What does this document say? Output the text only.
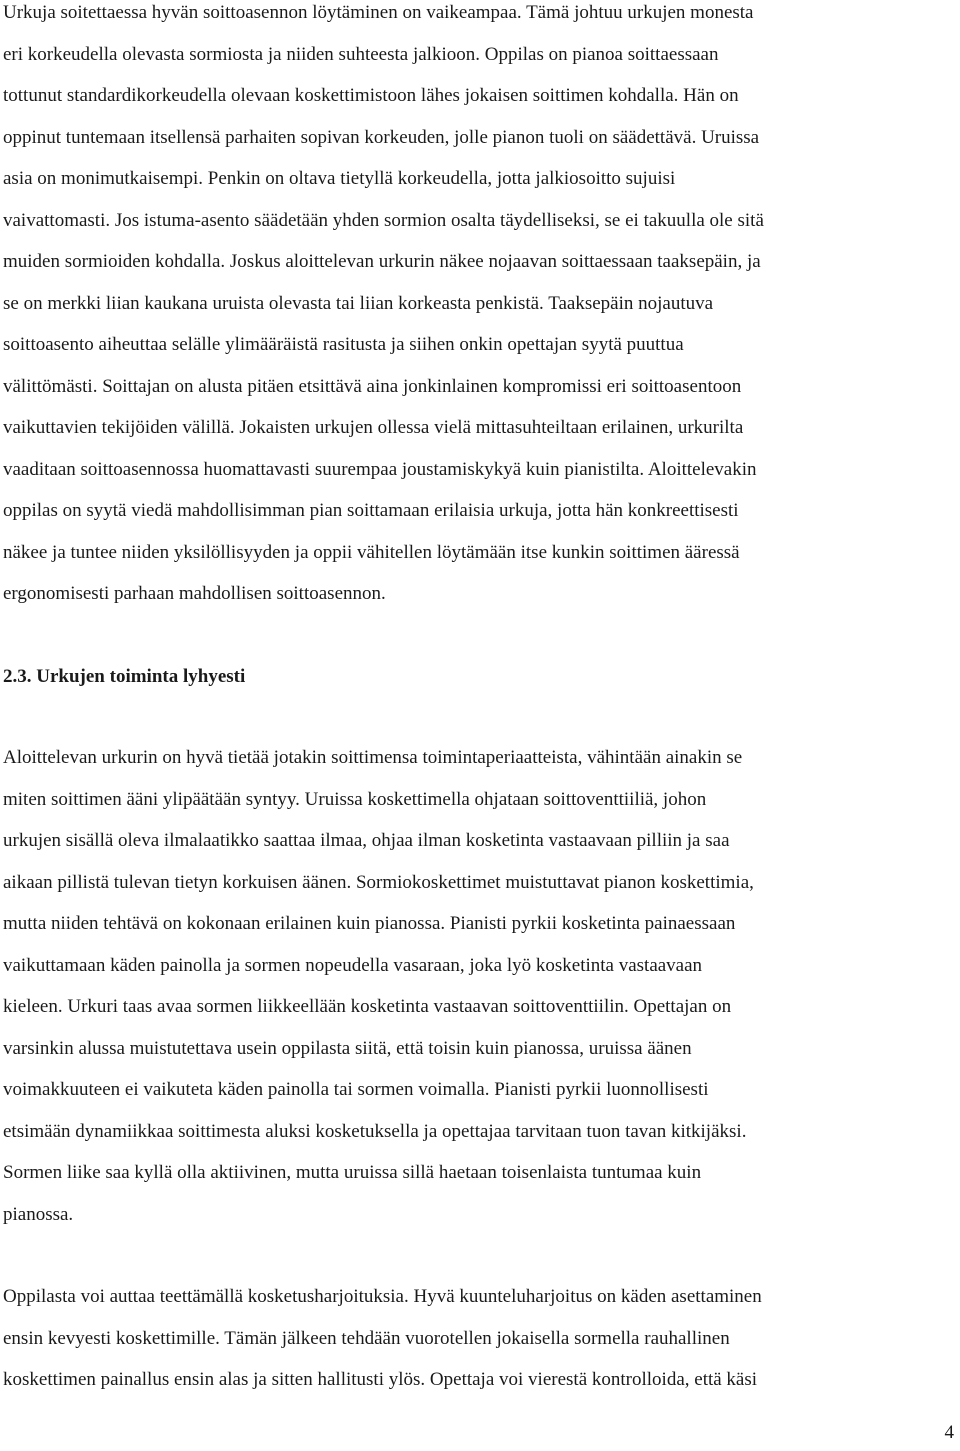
Urkuja soitettaessa hyvän soittoasennon löytäminen on vaikeampaa. Tämä johtuu urkujen monesta
eri korkeudella olevasta sormiosta ja niiden suhteesta jalkioon. Oppilas on pianoa soittaessaan
tottunut standardikorkeudella olevaan koskettimistoon lähes jokaisen soittimen kohdalla. Hän on
oppinut tuntemaan itsellensä parhaiten sopivan korkeuden, jolle pianon tuoli on säädettävä. Uruissa
asia on monimutkaisempi. Penkin on oltava tietyllä korkeudella, jotta jalkiosoitto sujuisi
vaivattomasti. Jos istuma-asento säädetään yhden sormion osalta täydelliseksi, se ei takuulla ole sitä
muiden sormioiden kohdalla. Joskus aloittelevan urkurin näkee nojaavan soittaessaan taaksepäin, ja
se on merkki liian kaukana uruista olevasta tai liian korkeasta penkistä. Taaksepäin nojautuva
soittoasento aiheuttaa selälle ylimääräistä rasitusta ja siihen onkin opettajan syytä puuttua
välittömästi. Soittajan on alusta pitäen etsittävä aina jonkinlainen kompromissi eri soittoasentoon
vaikuttavien tekijöiden välillä. Jokaisten urkujen ollessa vielä mittasuhteiltaan erilainen, urkurilta
vaaditaan soittoasennossa huomattavasti suurempaa joustamiskykyä kuin pianistilta. Aloittelevakin
oppilas on syytä viedä mahdollisimman pian soittamaan erilaisia urkuja, jotta hän konkreettisesti
näkee ja tuntee niiden yksilöllisyyden ja oppii vähitellen löytämään itse kunkin soittimen ääressä
ergonomisesti parhaan mahdollisen soittoasennon.

2.3. Urkujen toiminta lyhyesti

Aloittelevan urkurin on hyvä tietää jotakin soittimensa toimintaperiaatteista, vähintään ainakin se
miten soittimen ääni ylipäätään syntyy. Uruissa koskettimella ohjataan soittoventtiiliä, johon
urkujen sisällä oleva ilmalaatikko saattaa ilmaa, ohjaa ilman kosketinta vastaavaan pilliin ja saa
aikaan pillistä tulevan tietyn korkuisen äänen. Sormiokoskettimet muistuttavat pianon koskettimia,
mutta niiden tehtävä on kokonaan erilainen kuin pianossa. Pianisti pyrkii kosketinta painaessaan
vaikuttamaan käden painolla ja sormen nopeudella vasaraan, joka lyö kosketinta vastaavaan
kieleen. Urkuri taas avaa sormen liikkeellään kosketinta vastaavan soittoventtiilin. Opettajan on
varsinkin alussa muistutettava usein oppilasta siitä, että toisin kuin pianossa, uruissa äänen
voimakkuuteen ei vaikuteta käden painolla tai sormen voimalla. Pianisti pyrkii luonnollisesti
etsimään dynamiikkaa soittimesta aluksi kosketuksella ja opettajaa tarvitaan tuon tavan kitkijäksi.
Sormen liike saa kyllä olla aktiivinen, mutta uruissa sillä haetaan toisenlaista tuntumaa kuin
pianossa.

Oppilasta voi auttaa teettämällä kosketusharjoituksia. Hyvä kuunteluharjoitus on käden asettaminen
ensin kevyesti koskettimille. Tämän jälkeen tehdään vuorotellen jokaisella sormella rauhallinen
koskettimen painallus ensin alas ja sitten hallitusti ylös. Opettaja voi vierestä kontrolloida, että käsi

4
